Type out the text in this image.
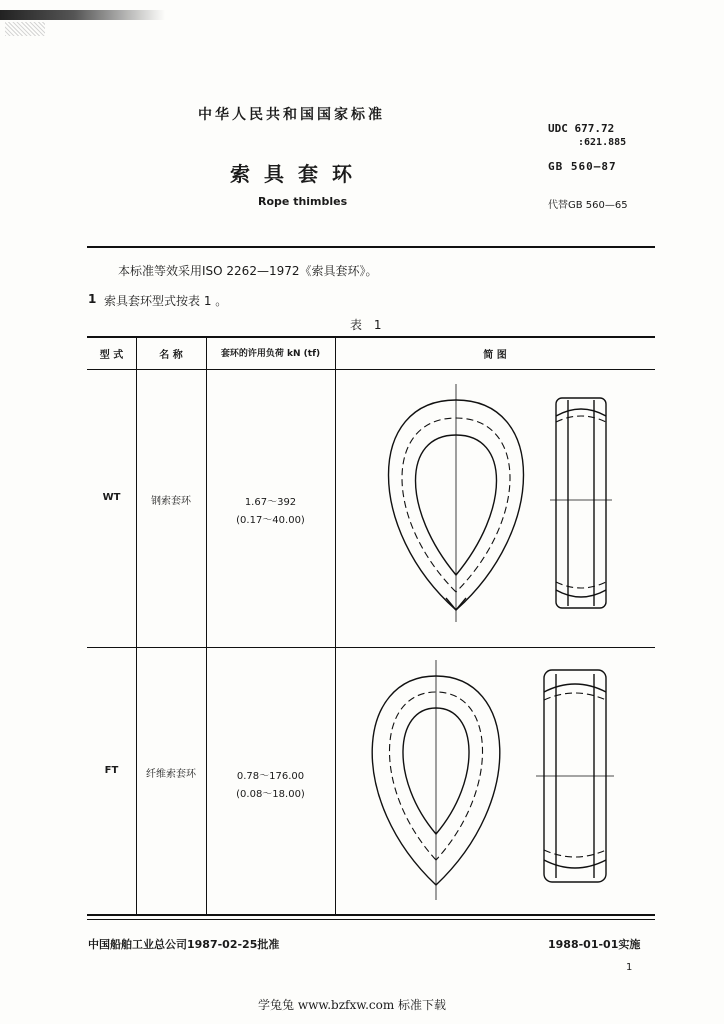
中华人民共和国国家标准
索具套环
Rope thimbles
UDC 677.72
:621.885
GB 560—87
代替GB 560—65
本标准等效采用ISO 2262—1972《索具套环》。
1 索具套环型式按表 1 。
表 1
型 式	名 称	套环的许用负荷 kN (tf)	简 图
WT	钢索套环	1.67～392
(0.17～40.00)
FT	纤维索套环	0.78～176.00
(0.08～18.00)
中国船舶工业总公司1987-02-25批准	1988-01-01实施
1
学兔兔 www.bzfxw.com 标准下载
